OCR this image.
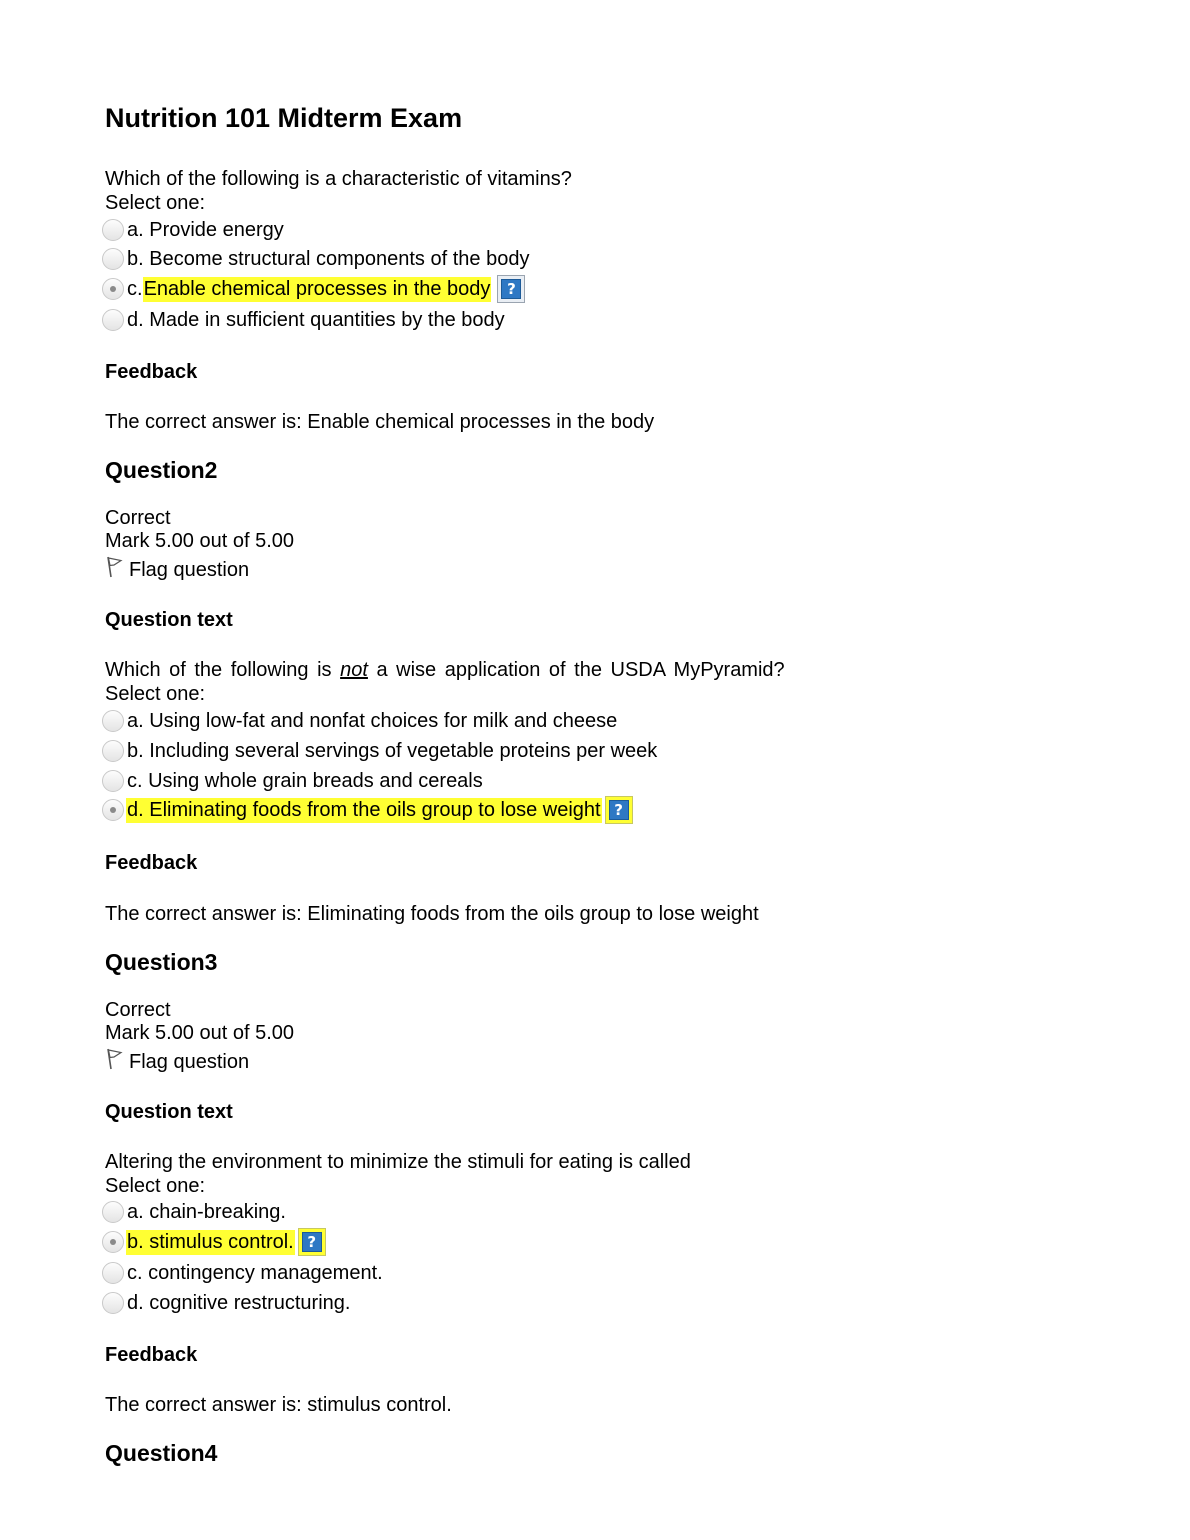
Nutrition 101 Midterm Exam
Which of the following is a characteristic of vitamins?
Select one:
a. Provide energy
b. Become structural components of the body
c. Enable chemical processes in the body	?
d. Made in sufficient quantities by the body
Feedback
The correct answer is: Enable chemical processes in the body
Question2
Correct
Mark 5.00 out of 5.00
Flag question
Question text
Which of the following is not a wise application of the USDA MyPyramid?
Select one:
a. Using low-fat and nonfat choices for milk and cheese
b. Including several servings of vegetable proteins per week
c. Using whole grain breads and cereals
d. Eliminating foods from the oils group to lose weight ?
Feedback
The correct answer is: Eliminating foods from the oils group to lose weight
Question3
Correct
Mark 5.00 out of 5.00
Flag question
Question text
Altering the environment to minimize the stimuli for eating is called
Select one:
a. chain-breaking.
b. stimulus control. ?
c. contingency management.
d. cognitive restructuring.
Feedback
The correct answer is: stimulus control.
Question4
